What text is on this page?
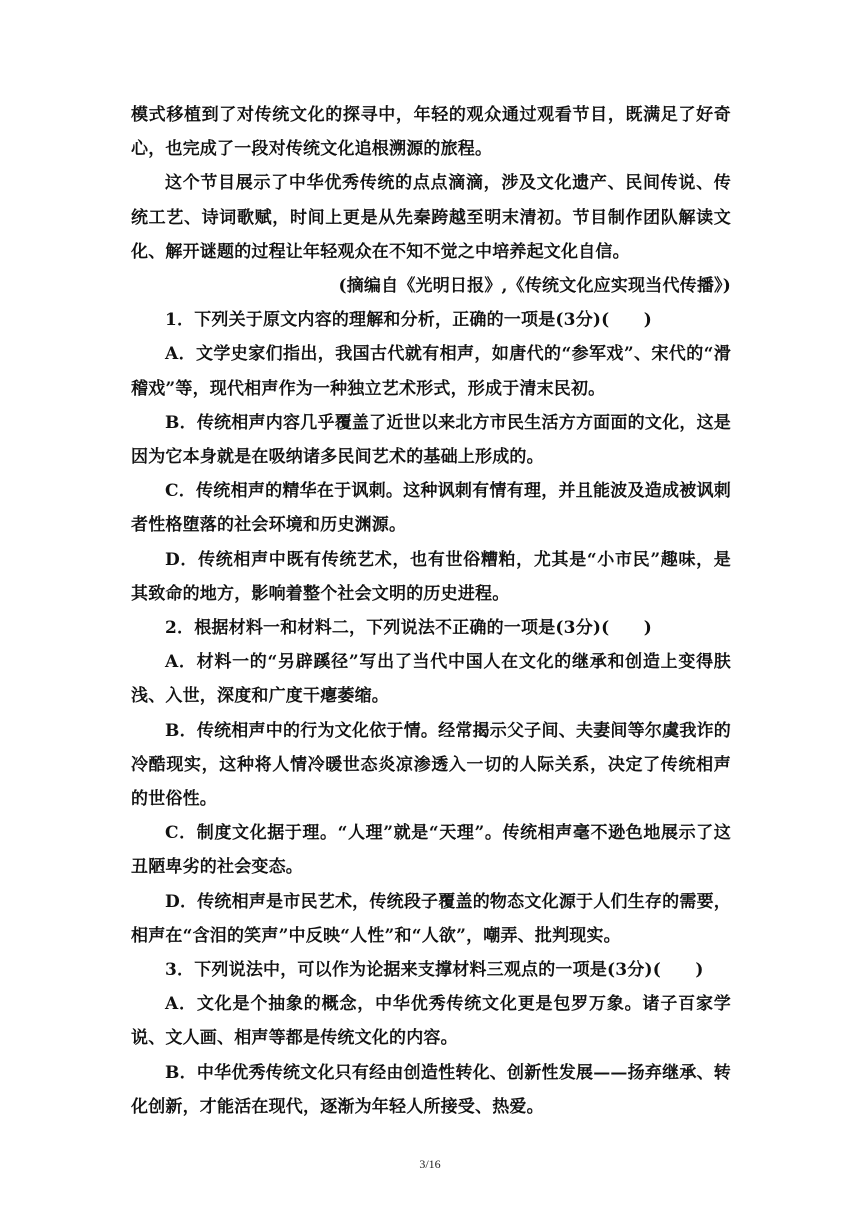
模式移植到了对传统文化的探寻中，年轻的观众通过观看节目，既满足了好奇心，也完成了一段对传统文化追根溯源的旅程。

这个节目展示了中华优秀传统的点点滴滴，涉及文化遗产、民间传说、传统工艺、诗词歌赋，时间上更是从先秦跨越至明末清初。节目制作团队解读文化、解开谜题的过程让年轻观众在不知不觉之中培养起文化自信。

(摘编自《光明日报》,《传统文化应实现当代传播》)

1．下列关于原文内容的理解和分析，正确的一项是(3分)(　　)

A．文学史家们指出，我国古代就有相声，如唐代的“参军戏”、宋代的“滑稽戏”等，现代相声作为一种独立艺术形式，形成于清末民初。

B．传统相声内容几乎覆盖了近世以来北方市民生活方方面面的文化，这是因为它本身就是在吸纳诸多民间艺术的基础上形成的。

C．传统相声的精华在于讽刺。这种讽刺有情有理，并且能波及造成被讽刺者性格堕落的社会环境和历史渊源。

D．传统相声中既有传统艺术，也有世俗糟粕，尤其是“小市民”趣味，是其致命的地方，影响着整个社会文明的历史进程。

2．根据材料一和材料二，下列说法不正确的一项是(3分)(　　)

A．材料一的“另辟蹊径”写出了当代中国人在文化的继承和创造上变得肤浅、入世，深度和广度干瘪萎缩。

B．传统相声中的行为文化依于情。经常揭示父子间、夫妻间等尔虞我诈的冷酷现实，这种将人情冷暖世态炎凉渗透入一切的人际关系，决定了传统相声的世俗性。

C．制度文化据于理。“人理”就是“天理”。传统相声毫不逊色地展示了这丑陋卑劣的社会变态。

D．传统相声是市民艺术，传统段子覆盖的物态文化源于人们生存的需要，相声在“含泪的笑声”中反映“人性”和“人欲”，嘲弄、批判现实。

3．下列说法中，可以作为论据来支撑材料三观点的一项是(3分)(　　)

A．文化是个抽象的概念，中华优秀传统文化更是包罗万象。诸子百家学说、文人画、相声等都是传统文化的内容。

B．中华优秀传统文化只有经由创造性转化、创新性发展——扬弃继承、转化创新，才能活在现代，逐渐为年轻人所接受、热爱。

3/16
